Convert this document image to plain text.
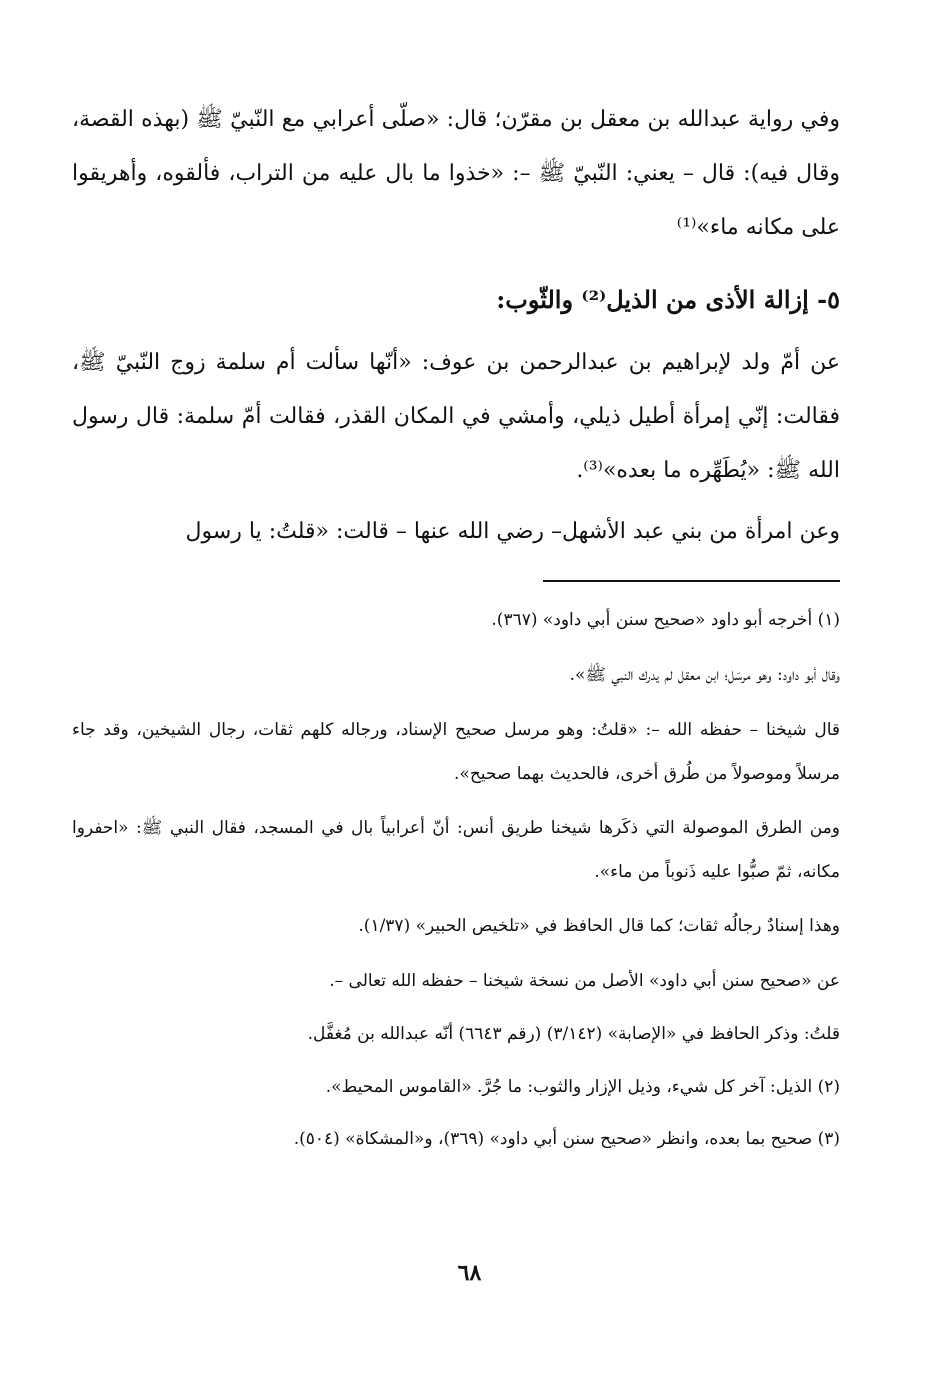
وفي رواية عبدالله بن معقل بن مقرّن؛ قال: «صلّى أعرابي مع النّبيّ ﷺ (بهذه القصة، وقال فيه): قال – يعني: النّبيّ ﷺ –: «خذوا ما بال عليه من التراب، فألقوه، وأهريقوا على مكانه ماء»⁽¹⁾

٥- إزالة الأذى من الذيل⁽²⁾ والثّوب:

عن أمّ ولد لإبراهيم بن عبدالرحمن بن عوف: «أنّها سألت أم سلمة زوج النّبيّ ﷺ، فقالت: إنّي إمرأة أطيل ذيلي، وأمشي في المكان القذر، فقالت أمّ سلمة: قال رسول الله ﷺ: «يُطَهِّره ما بعده»⁽³⁾.

وعن امرأة من بني عبد الأشهل– رضي الله عنها – قالت: «قلتُ: يا رسول

(١) أخرجه أبو داود «صحيح سنن أبي داود» (٣٦٧).

وقال أبو داود: وهو مرسَل؛ ابن معقل لم يدرك النبي ﷺ».

قال شيخنا – حفظه الله –: «قلتُ: وهو مرسل صحيح الإسناد، ورجاله كلهم ثقات، رجال الشيخين، وقد جاء مرسلاً وموصولاً من طُرق أخرى، فالحديث بهما صحيح».

ومن الطرق الموصولة التي ذكَرها شيخنا طريق أنس: أنّ أعرابياً بال في المسجد، فقال النبي ﷺ: «احفروا مكانه، ثمّ صبُّوا عليه ذَنوباً من ماء».

وهذا إسنادٌ رجالُه ثقات؛ كما قال الحافظ في «تلخيص الحبير» (١/٣٧).

عن «صحيح سنن أبي داود» الأصل من نسخة شيخنا – حفظه الله تعالى –.

قلتُ: وذكر الحافظ في «الإصابة» (٣/١٤٢) (رقم ٦٦٤٣) أنّه عبدالله بن مُغفَّل.

(٢) الذيل: آخر كل شيء، وذيل الإزار والثوب: ما جُرَّ. «القاموس المحيط».

(٣) صحيح بما بعده، وانظر «صحيح سنن أبي داود» (٣٦٩)، و«المشكاة» (٥٠٤).

٦٨
